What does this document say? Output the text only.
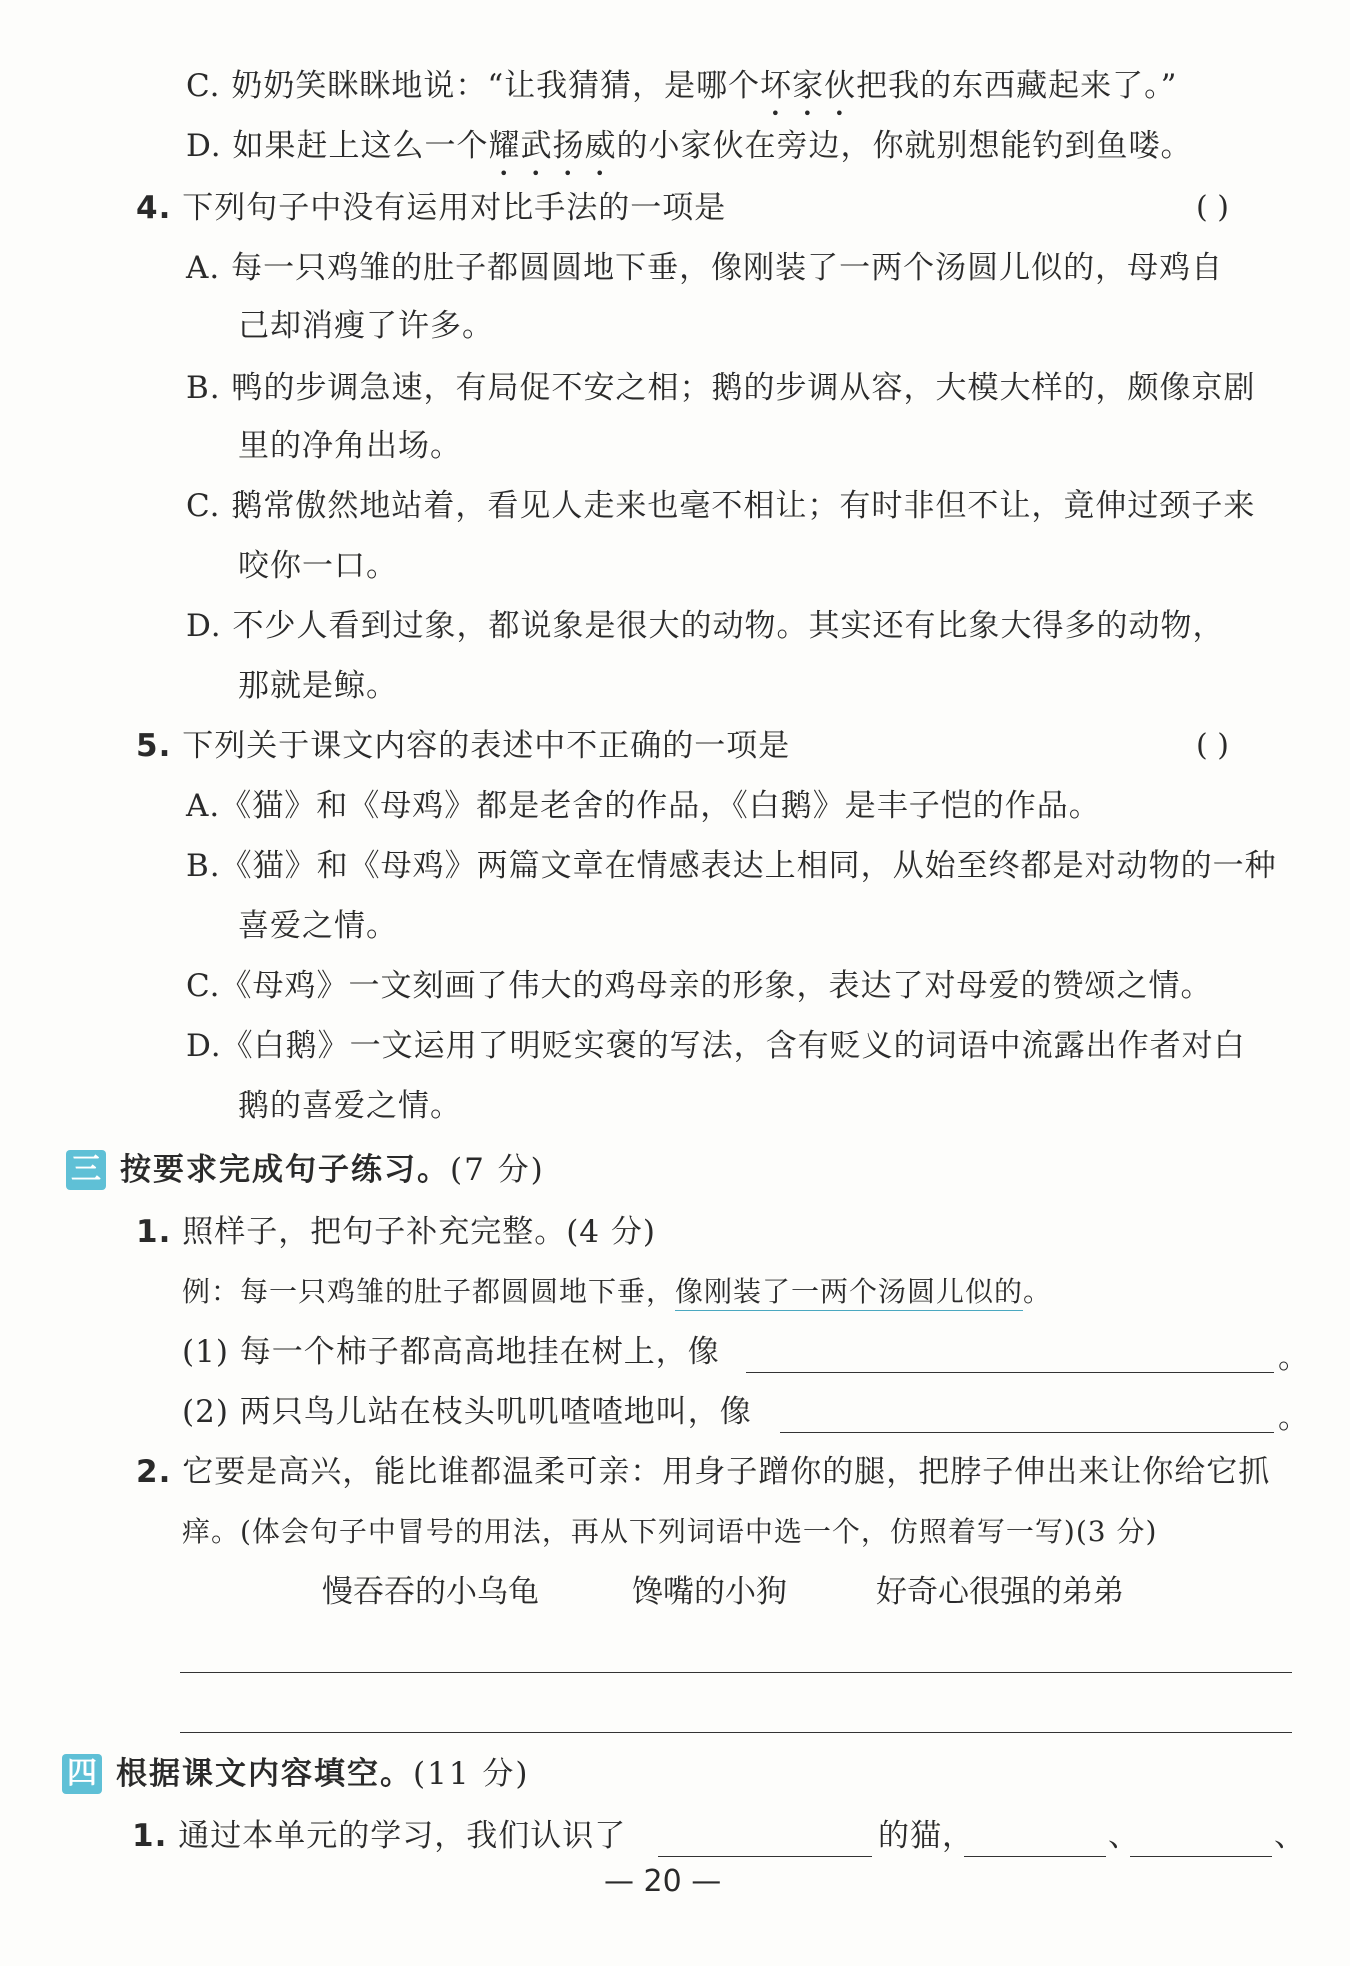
C. 奶奶笑眯眯地说：“让我猜猜，是哪个坏家伙把我的东西藏起来了。”
D. 如果赶上这么一个耀武扬威的小家伙在旁边，你就别想能钓到鱼喽。
4. 下列句子中没有运用对比手法的一项是	( )
A. 每一只鸡雏的肚子都圆圆地下垂，像刚装了一两个汤圆儿似的，母鸡自
己却消瘦了许多。
B. 鸭的步调急速，有局促不安之相；鹅的步调从容，大模大样的，颇像京剧
里的净角出场。
C. 鹅常傲然地站着，看见人走来也毫不相让；有时非但不让，竟伸过颈子来
咬你一口。
D. 不少人看到过象，都说象是很大的动物。其实还有比象大得多的动物，
那就是鲸。
5. 下列关于课文内容的表述中不正确的一项是	( )
A.《猫》和《母鸡》都是老舍的作品，《白鹅》是丰子恺的作品。
B.《猫》和《母鸡》两篇文章在情感表达上相同，从始至终都是对动物的一种
喜爱之情。
C.《母鸡》一文刻画了伟大的鸡母亲的形象，表达了对母爱的赞颂之情。
D.《白鹅》一文运用了明贬实褒的写法，含有贬义的词语中流露出作者对白
鹅的喜爱之情。
三 按要求完成句子练习。(7 分)
1. 照样子，把句子补充完整。(4 分)
例：每一只鸡雏的肚子都圆圆地下垂，像刚装了一两个汤圆儿似的。
(1) 每一个柿子都高高地挂在树上，像	。
(2) 两只鸟儿站在枝头叽叽喳喳地叫，像	。
2. 它要是高兴，能比谁都温柔可亲：用身子蹭你的腿，把脖子伸出来让你给它抓
痒。(体会句子中冒号的用法，再从下列词语中选一个，仿照着写一写)(3 分)
慢吞吞的小乌龟	馋嘴的小狗	好奇心很强的弟弟
四 根据课文内容填空。(11 分)
1. 通过本单元的学习，我们认识了	的猫，	、	、
— 20 —
